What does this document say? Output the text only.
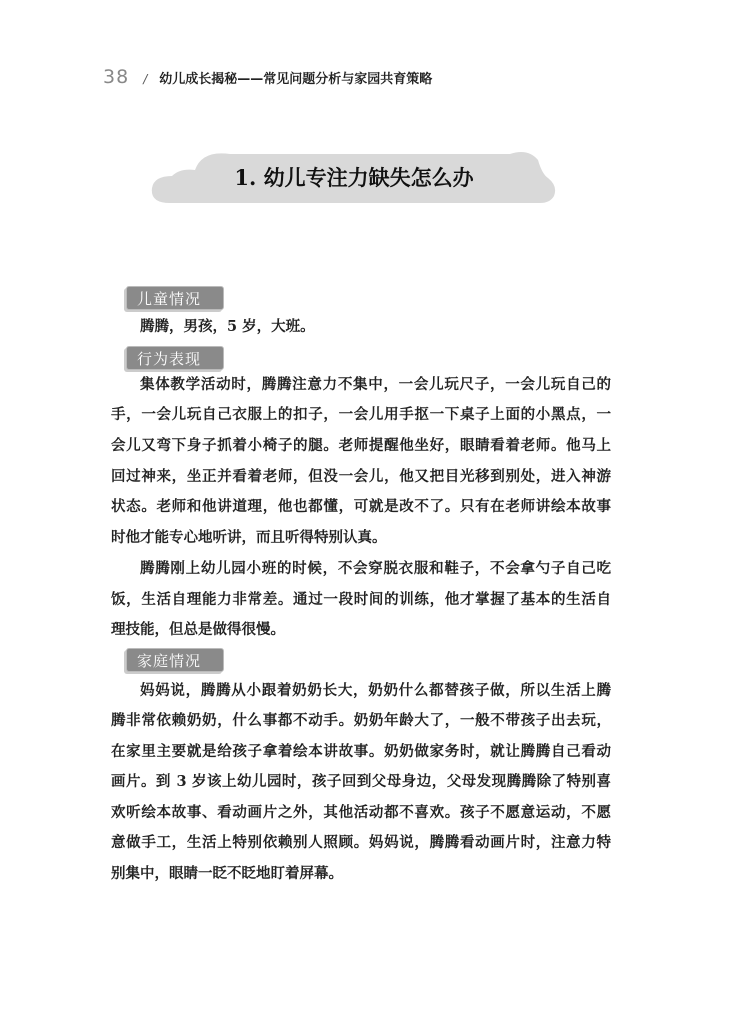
38 / 幼儿成长揭秘——常见问题分析与家园共育策略
1. 幼儿专注力缺失怎么办
儿童情况
腾腾，男孩，5 岁，大班。
行为表现
集体教学活动时，腾腾注意力不集中，一会儿玩尺子，一会儿玩自己的
手，一会儿玩自己衣服上的扣子，一会儿用手抠一下桌子上面的小黑点，一
会儿又弯下身子抓着小椅子的腿。老师提醒他坐好，眼睛看着老师。他马上
回过神来，坐正并看着老师，但没一会儿，他又把目光移到别处，进入神游
状态。老师和他讲道理，他也都懂，可就是改不了。只有在老师讲绘本故事
时他才能专心地听讲，而且听得特别认真。
腾腾刚上幼儿园小班的时候，不会穿脱衣服和鞋子，不会拿勺子自己吃
饭，生活自理能力非常差。通过一段时间的训练，他才掌握了基本的生活自
理技能，但总是做得很慢。
家庭情况
妈妈说，腾腾从小跟着奶奶长大，奶奶什么都替孩子做，所以生活上腾
腾非常依赖奶奶，什么事都不动手。奶奶年龄大了，一般不带孩子出去玩，
在家里主要就是给孩子拿着绘本讲故事。奶奶做家务时，就让腾腾自己看动
画片。到 3 岁该上幼儿园时，孩子回到父母身边，父母发现腾腾除了特别喜
欢听绘本故事、看动画片之外，其他活动都不喜欢。孩子不愿意运动，不愿
意做手工，生活上特别依赖别人照顾。妈妈说，腾腾看动画片时，注意力特
别集中，眼睛一眨不眨地盯着屏幕。
